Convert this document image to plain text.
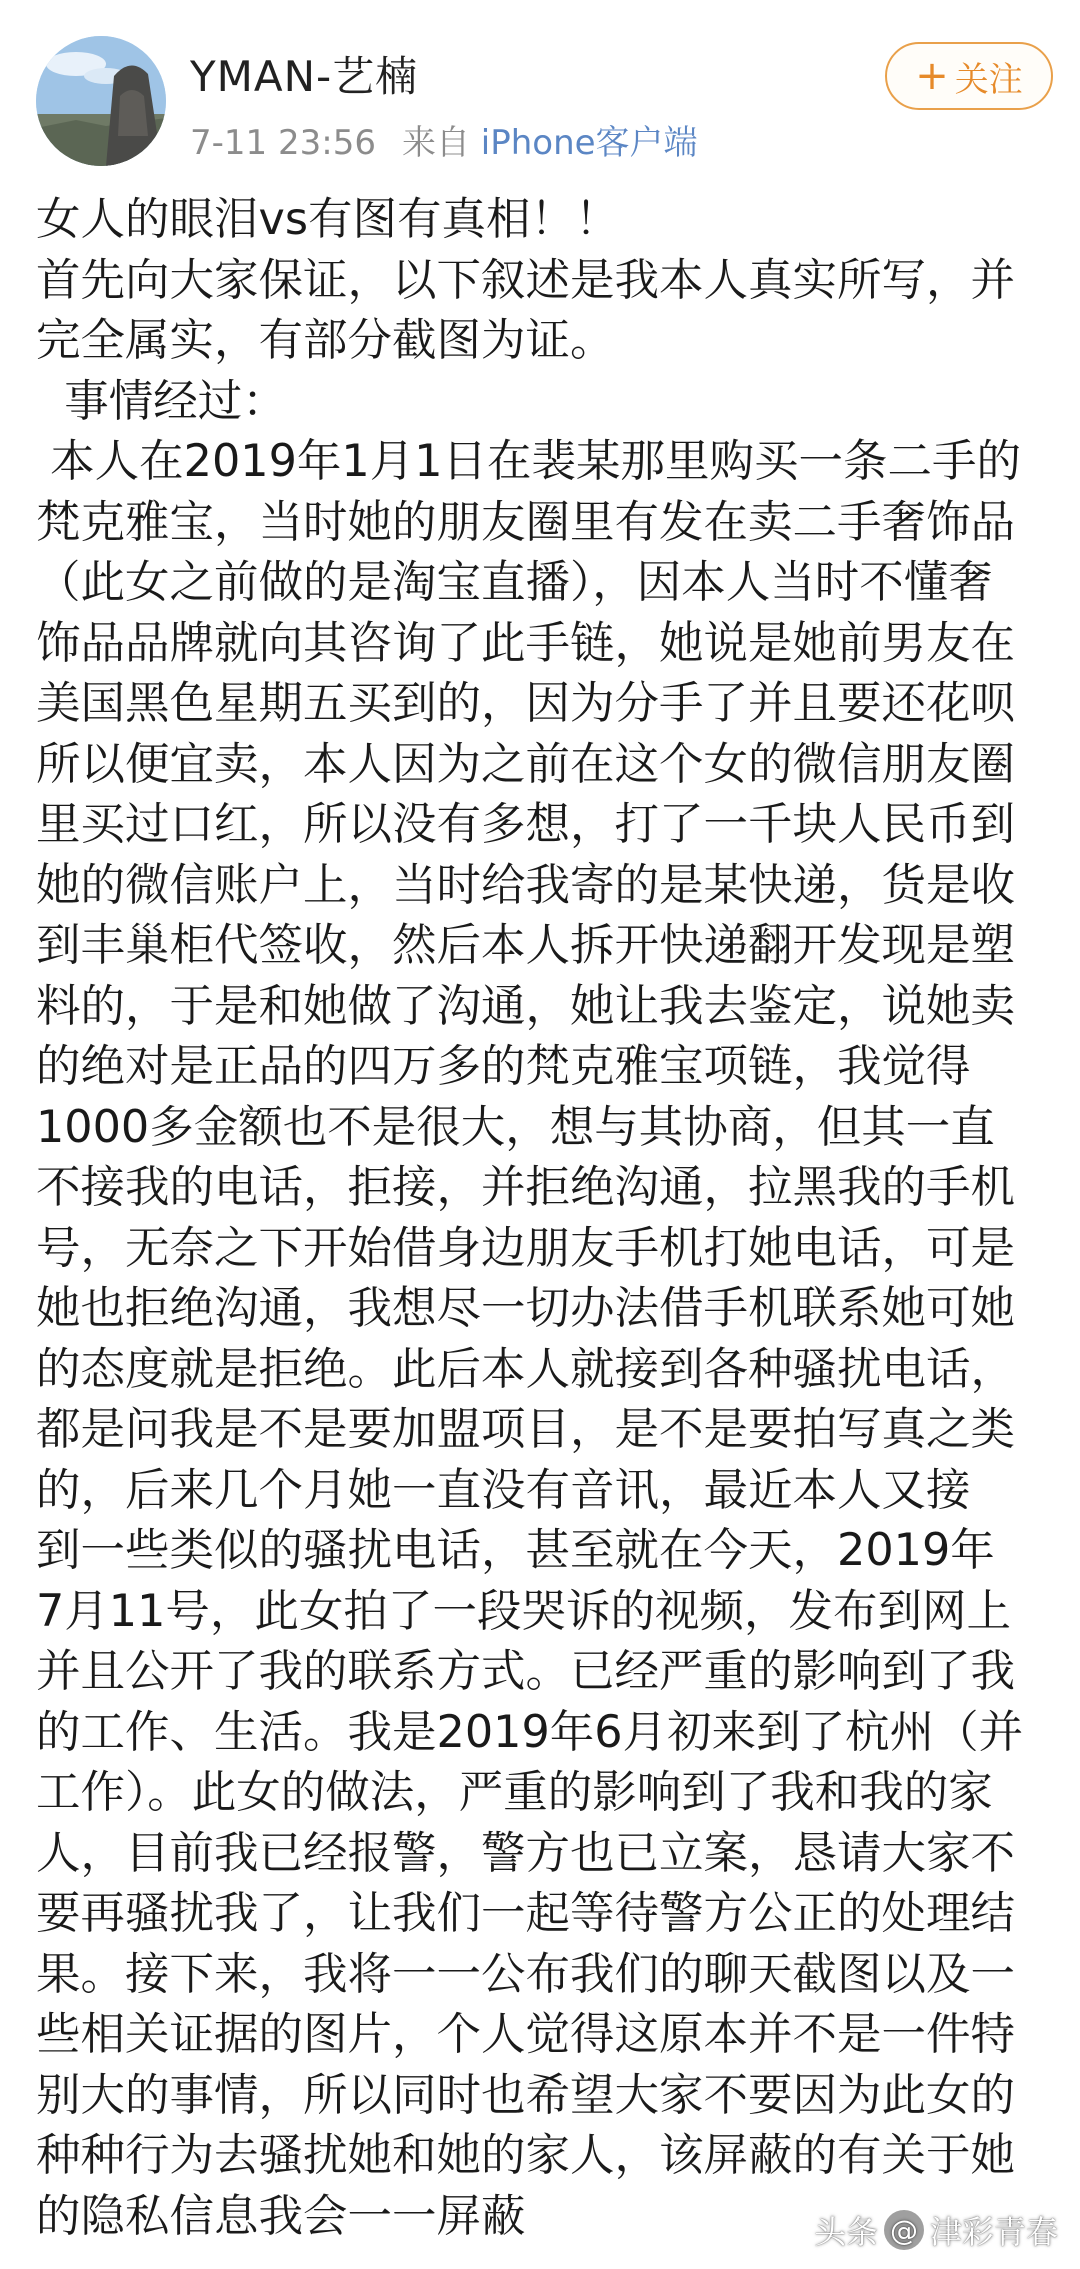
YMAN-艺楠
7-11 23:56 来自 iPhone客户端
+ 关注

女人的眼泪vs有图有真相！！

首先向大家保证，以下叙述是我本人真实所写，并

完全属实，有部分截图为证。

事情经过：

本人在2019年1月1日在裴某那里购买一条二手的

梵克雅宝，当时她的朋友圈里有发在卖二手奢饰品

（此女之前做的是淘宝直播），因本人当时不懂奢

饰品品牌就向其咨询了此手链，她说是她前男友在

美国黑色星期五买到的，因为分手了并且要还花呗

所以便宜卖，本人因为之前在这个女的微信朋友圈

里买过口红，所以没有多想，打了一千块人民币到

她的微信账户上，当时给我寄的是某快递，货是收

到丰巢柜代签收，然后本人拆开快递翻开发现是塑

料的，于是和她做了沟通，她让我去鉴定，说她卖

的绝对是正品的四万多的梵克雅宝项链，我觉得

1000多金额也不是很大，想与其协商，但其一直

不接我的电话，拒接，并拒绝沟通，拉黑我的手机

号，无奈之下开始借身边朋友手机打她电话，可是

她也拒绝沟通，我想尽一切办法借手机联系她可她

的态度就是拒绝。此后本人就接到各种骚扰电话，

都是问我是不是要加盟项目，是不是要拍写真之类

的，后来几个月她一直没有音讯，最近本人又接

到一些类似的骚扰电话，甚至就在今天，2019年

7月11号，此女拍了一段哭诉的视频，发布到网上

并且公开了我的联系方式。已经严重的影响到了我

的工作、生活。我是2019年6月初来到了杭州（并

工作）。此女的做法，严重的影响到了我和我的家

人，目前我已经报警，警方也已立案，恳请大家不

要再骚扰我了，让我们一起等待警方公正的处理结

果。接下来，我将一一公布我们的聊天截图以及一

些相关证据的图片，个人觉得这原本并不是一件特

别大的事情，所以同时也希望大家不要因为此女的

种种行为去骚扰她和她的家人，该屏蔽的有关于她

的隐私信息我会一一屏蔽	头条 @ 津彩青春
